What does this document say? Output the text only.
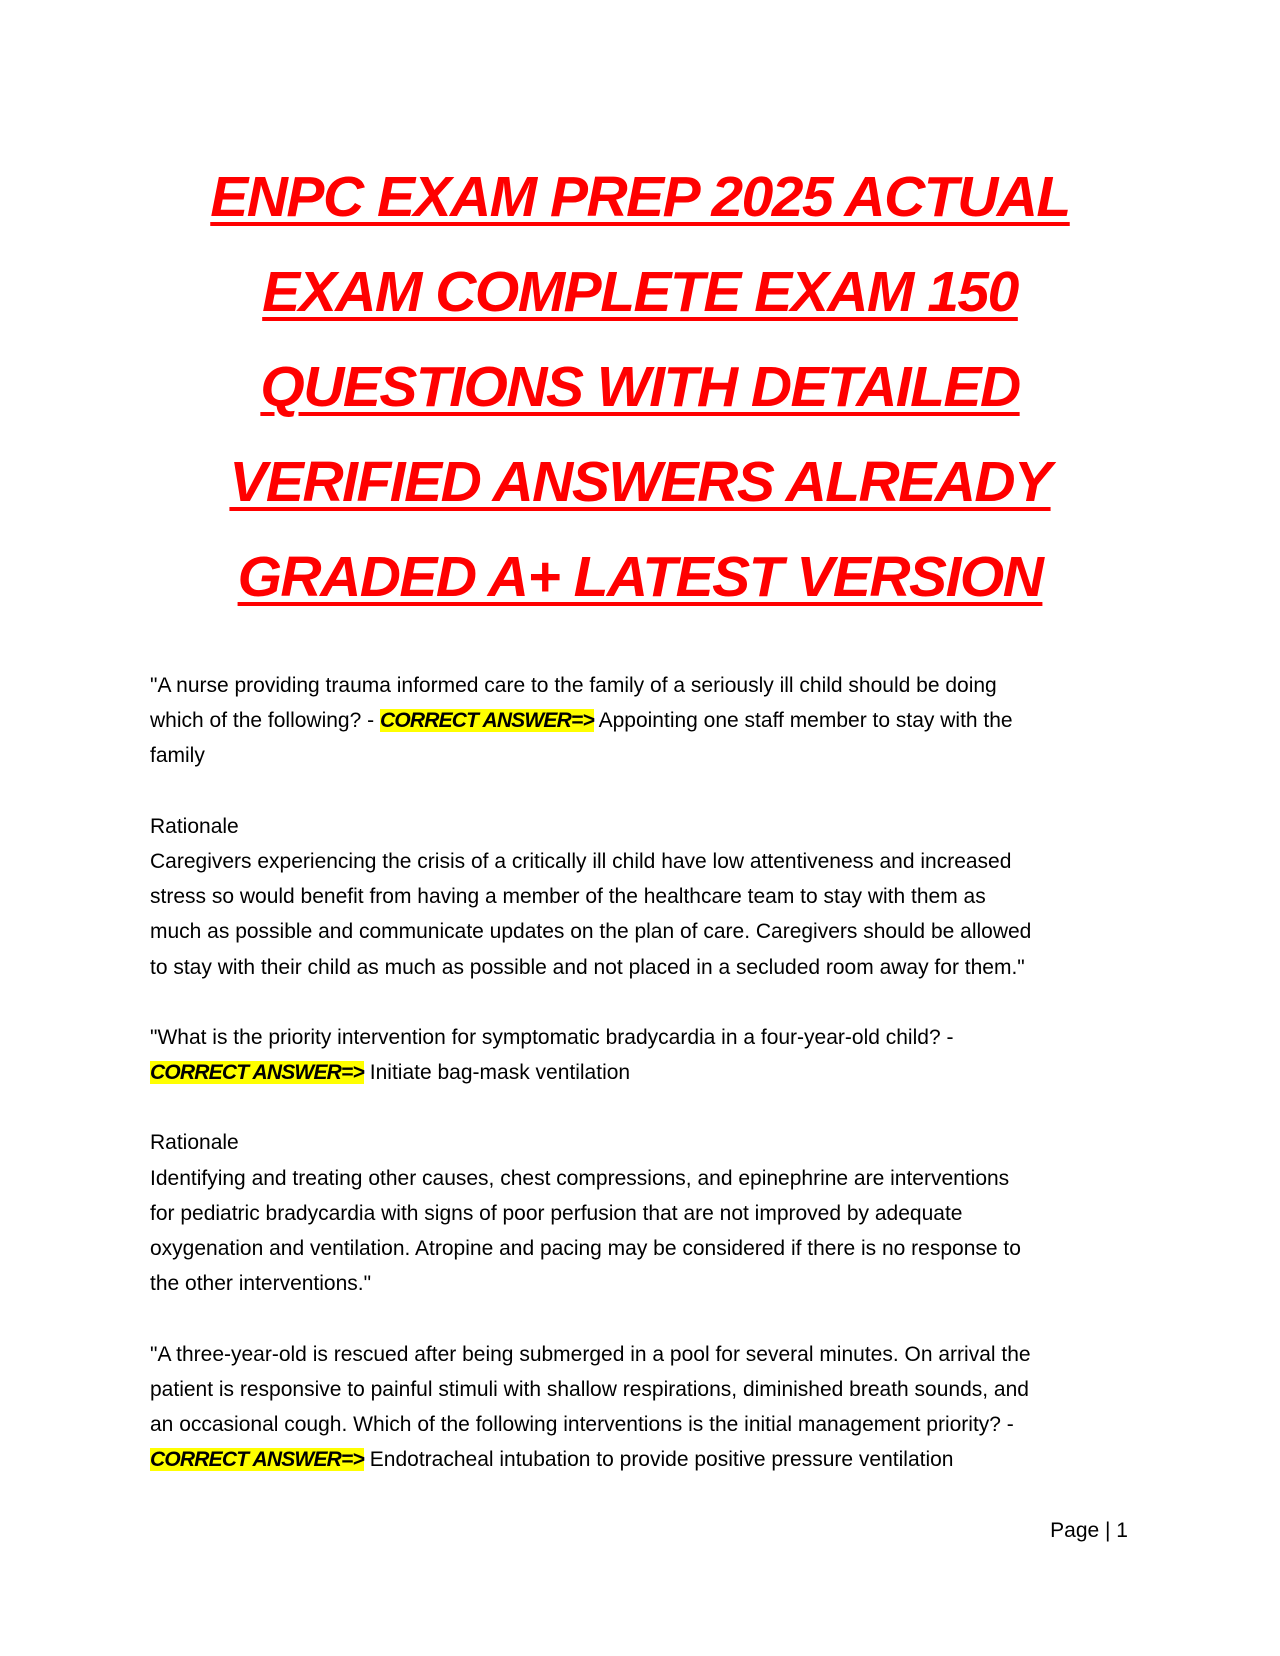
ENPC EXAM PREP 2025 ACTUAL
EXAM COMPLETE EXAM 150
QUESTIONS WITH DETAILED
VERIFIED ANSWERS ALREADY
GRADED A+ LATEST VERSION
"A nurse providing trauma informed care to the family of a seriously ill child should be doing
which of the following? - CORRECT ANSWER=> Appointing one staff member to stay with the
family
Rationale
Caregivers experiencing the crisis of a critically ill child have low attentiveness and increased
stress so would benefit from having a member of the healthcare team to stay with them as
much as possible and communicate updates on the plan of care. Caregivers should be allowed
to stay with their child as much as possible and not placed in a secluded room away for them."
"What is the priority intervention for symptomatic bradycardia in a four-year-old child? -
CORRECT ANSWER=> Initiate bag-mask ventilation
Rationale
Identifying and treating other causes, chest compressions, and epinephrine are interventions
for pediatric bradycardia with signs of poor perfusion that are not improved by adequate
oxygenation and ventilation. Atropine and pacing may be considered if there is no response to
the other interventions."
"A three-year-old is rescued after being submerged in a pool for several minutes. On arrival the
patient is responsive to painful stimuli with shallow respirations, diminished breath sounds, and
an occasional cough. Which of the following interventions is the initial management priority? -
CORRECT ANSWER=> Endotracheal intubation to provide positive pressure ventilation
Page | 1
